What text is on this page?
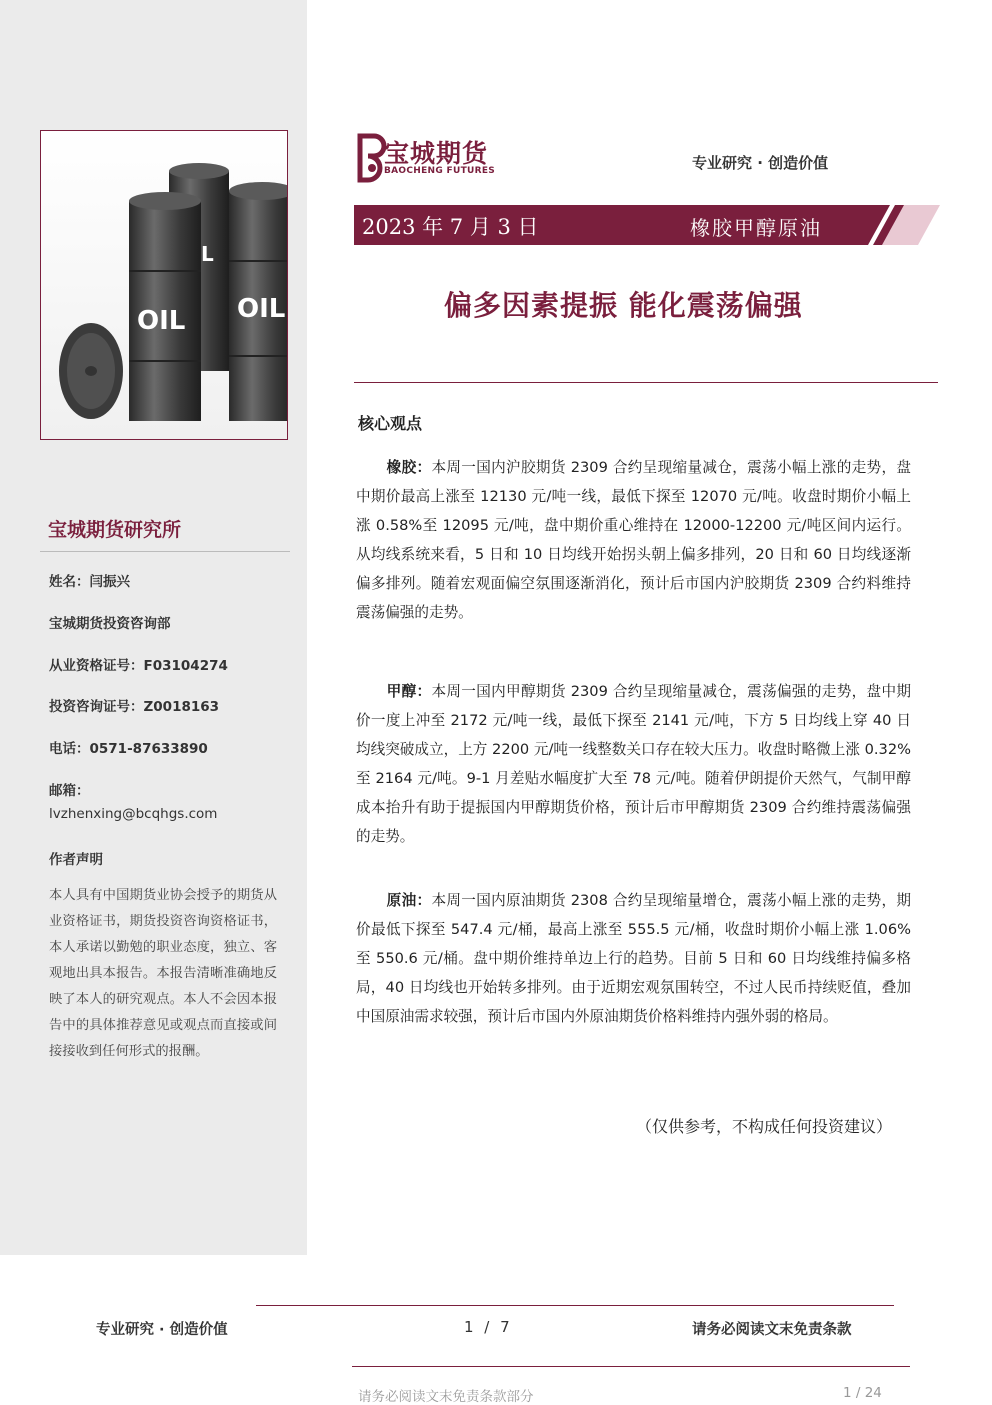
L
OIL OIL
宝城期货研究所
姓名：闫振兴
宝城期货投资咨询部
从业资格证号：F03104274
投资咨询证号：Z0018163
电话：0571-87633890
邮箱：
lvzhenxing@bcqhgs.com
作者声明
本人具有中国期货业协会授予的期货从业资格证书，期货投资咨询资格证书，本人承诺以勤勉的职业态度，独立、客观地出具本报告。本报告清晰准确地反映了本人的研究观点。本人不会因本报告中的具体推荐意见或观点而直接或间接接收到任何形式的报酬。
宝城期货
BAOCHENG FUTURES	专业研究 · 创造价值
2023 年 7 月 3 日	橡胶甲醇原油
偏多因素提振 能化震荡偏强
核心观点
橡胶：本周一国内沪胶期货 2309 合约呈现缩量减仓，震荡小幅上涨的走势，盘中期价最高上涨至 12130 元/吨一线，最低下探至 12070 元/吨。收盘时期价小幅上涨 0.58%至 12095 元/吨，盘中期价重心维持在 12000-12200 元/吨区间内运行。从均线系统来看，5 日和 10 日均线开始拐头朝上偏多排列，20 日和 60 日均线逐渐偏多排列。随着宏观面偏空氛围逐渐消化，预计后市国内沪胶期货 2309 合约料维持震荡偏强的走势。
甲醇：本周一国内甲醇期货 2309 合约呈现缩量减仓，震荡偏强的走势，盘中期价一度上冲至 2172 元/吨一线，最低下探至 2141 元/吨，下方 5 日均线上穿 40 日均线突破成立，上方 2200 元/吨一线整数关口存在较大压力。收盘时略微上涨 0.32%至 2164 元/吨。9-1 月差贴水幅度扩大至 78 元/吨。随着伊朗提价天然气，气制甲醇成本抬升有助于提振国内甲醇期货价格，预计后市甲醇期货 2309 合约维持震荡偏强的走势。
原油：本周一国内原油期货 2308 合约呈现缩量增仓，震荡小幅上涨的走势，期价最低下探至 547.4 元/桶，最高上涨至 555.5 元/桶，收盘时期价小幅上涨 1.06%至 550.6 元/桶。盘中期价维持单边上行的趋势。目前 5 日和 60 日均线维持偏多格局，40 日均线也开始转多排列。由于近期宏观氛围转空，不过人民币持续贬值，叠加中国原油需求较强，预计后市国内外原油期货价格料维持内强外弱的格局。
（仅供参考，不构成任何投资建议）
专业研究 · 创造价值	1 / 7	请务必阅读文末免责条款
请务必阅读文末免责条款部分	1 / 24
